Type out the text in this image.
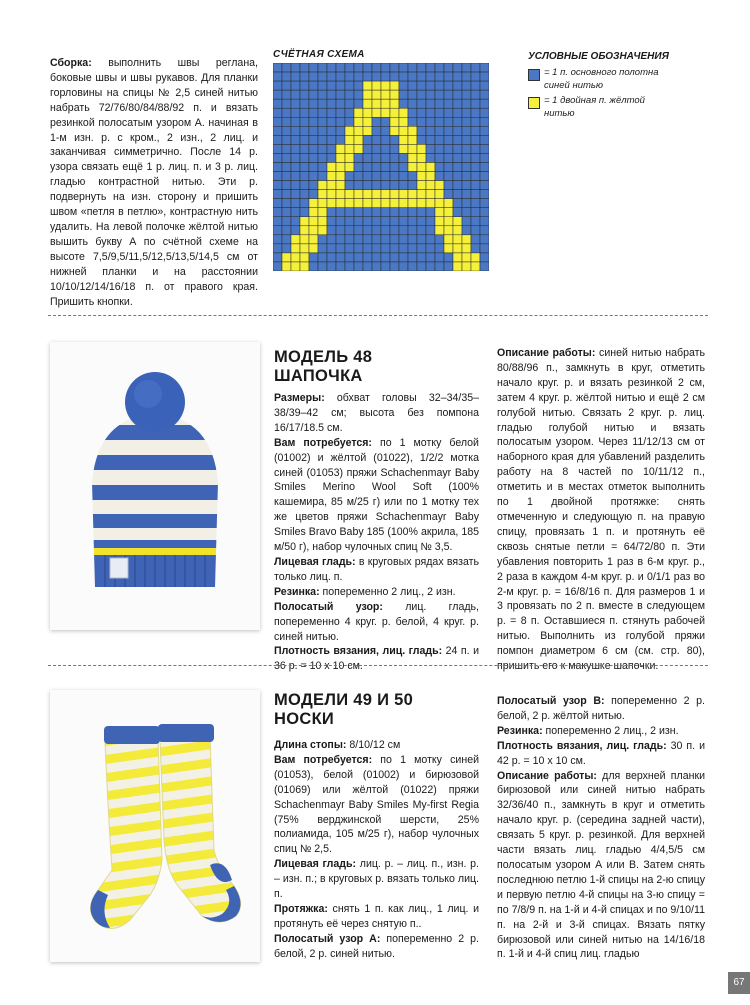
Сборка: выполнить швы реглана, боковые швы и швы рукавов. Для планки горловины на спицы № 2,5 синей нитью набрать 72/76/80/84/88/92 п. и вязать резинкой полосатым узором А. начиная в 1-м изн. р. с кром., 2 изн., 2 лиц. и заканчивая симметрично. После 14 р. узора связать ещё 1 р. лиц. п. и 3 р. лиц. гладью контрастной нитью. Эти р. подвернуть на изн. сторону и пришить швом «петля в петлю», контрастную нить удалить. На левой полочке жёлтой нитью вышить букву А по счётной схеме на высоте 7,5/9,5/11,5/12,5/13,5/14,5 см от нижней планки и на расстоянии 10/10/12/14/16/18 п. от правого края. Пришить кнопки.
СЧЁТНАЯ СХЕМА	УСЛОВНЫЕ ОБОЗНАЧЕНИЯ
= 1 п. основного полотна синей нитью
= 1 двойная п. жёлтой нитью
МОДЕЛЬ 48
ШАПОЧКА

Размеры: обхват головы 32–34/35–38/39–42 см; высота без помпона 16/17/18.5 см.

Вам потребуется: по 1 мотку белой (01002) и жёлтой (01022), 1/2/2 мотка синей (01053) пряжи Schachenmayr Baby Smiles Merino Wool Soft (100% кашемира, 85 м/25 г) или по 1 мотку тех же цветов пряжи Schachenmayr Baby Smiles Bravo Baby 185 (100% акрила, 185 м/50 г), набор чулочных спиц № 3,5.

Лицевая гладь: в круговых рядах вязать только лиц. п.

Резинка: попеременно 2 лиц., 2 изн.

Полосатый узор: лиц. гладь, попеременно 4 круг. р. белой, 4 круг. р. синей нитью.

Плотность вязания, лиц. гладь: 24 п. и 36 р. = 10 х 10 см.

Описание работы: синей нитью набрать 80/88/96 п., замкнуть в круг, отметить начало круг. р. и вязать резинкой 2 см, затем 4 круг. р. жёлтой нитью и ещё 2 см голубой нитью. Связать 2 круг. р. лиц. гладью голубой нитью и вязать полосатым узором. Через 11/12/13 см от наборного края для убавлений разделить работу на 8 частей по 10/11/12 п., отметить и в местах отметок выполнить по 1 двойной протяжке: снять отмеченную и следующую п. на правую спицу, провязать 1 п. и протянуть её сквозь снятые петли = 64/72/80 п. Эти убавления повторить 1 раз в 6-м круг. р., 2 раза в каждом 4-м круг. р. и 0/1/1 раз во 2-м круг. р. = 16/8/16 п. Для размеров 1 и 3 провязать по 2 п. вместе в следующем р. = 8 п. Оставшиеся п. стянуть рабочей нитью. Выполнить из голубой пряжи помпон диаметром 6 см (см. стр. 80), пришить его к макушке шапочки.
МОДЕЛИ 49 И 50
НОСКИ

Длина стопы: 8/10/12 см

Вам потребуется: по 1 мотку синей (01053), белой (01002) и бирюзовой (01069) или жёлтой (01022) пряжи Schachenmayr Baby Smiles My-first Regia (75% верджинской шерсти, 25% полиамида, 105 м/25 г), набор чулочных спиц № 2,5.

Лицевая гладь: лиц. р. – лиц. п., изн. р. – изн. п.; в круговых р. вязать только лиц. п.

Протяжка: снять 1 п. как лиц., 1 лиц. и протянуть её через снятую п..

Полосатый узор А: попеременно 2 р. белой, 2 р. синей нитью.

Полосатый узор В: попеременно 2 р. белой, 2 р. жёлтой нитью.

Резинка: попеременно 2 лиц., 2 изн.

Плотность вязания, лиц. гладь: 30 п. и 42 р. = 10 х 10 см.

Описание работы: для верхней планки бирюзовой или синей нитью набрать 32/36/40 п., замкнуть в круг и отметить начало круг. р. (середина задней части), связать 5 круг. р. резинкой. Для верхней части вязать лиц. гладью 4/4,5/5 см полосатым узором А или В. Затем снять последнюю петлю 1-й спицы на 2-ю спицу и первую петлю 4-й спицы на 3-ю спицу = по 7/8/9 п. на 1-й и 4-й спицах и по 9/10/11 п. на 2-й и 3-й спицах. Вязать пятку бирюзовой или синей нитью на 14/16/18 п. 1-й и 4-й спиц лиц. гладью

67
